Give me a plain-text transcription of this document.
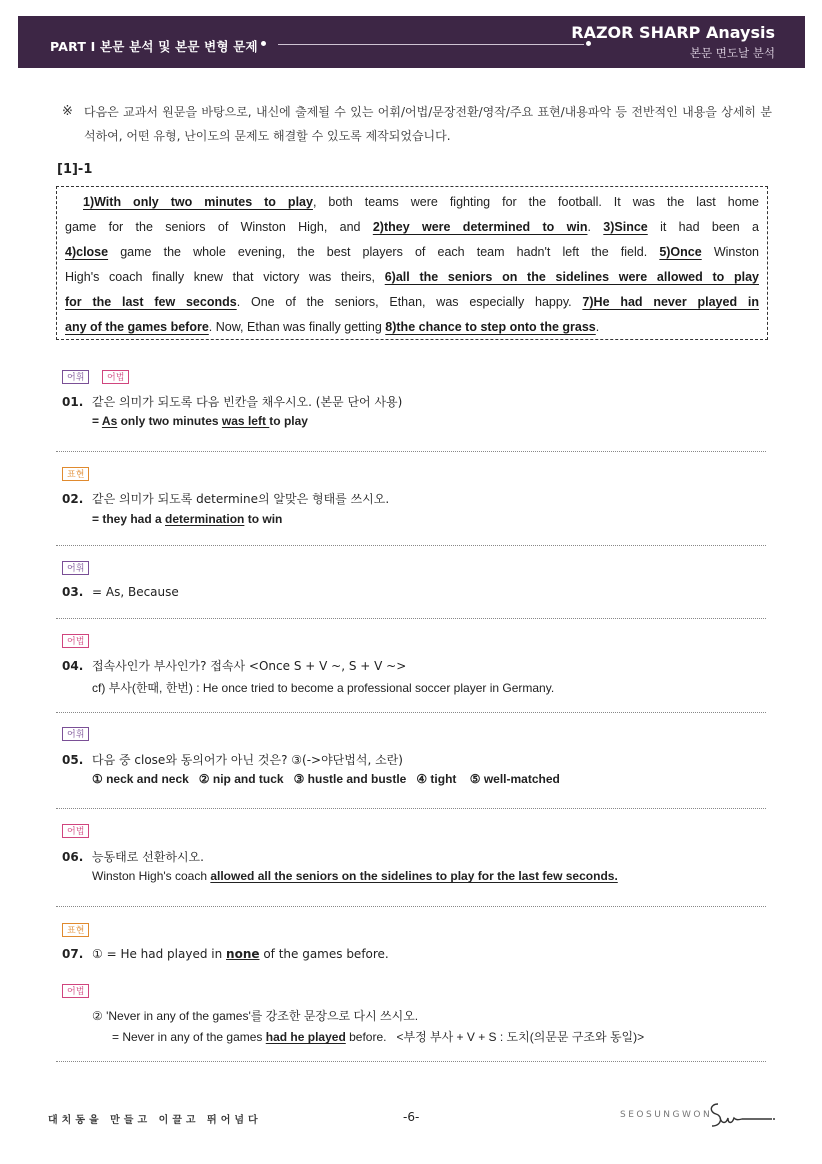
PART I 본문 분석 및 본문 변형 문제
RAZOR SHARP Anaysis
본문 면도날 분석
※ 다음은 교과서 원문을 바탕으로, 내신에 출제될 수 있는 어휘/어법/문장전환/영작/주요 표현/내용파악 등 전반적인 내용을 상세히 분석하여, 어떤 유형, 난이도의 문제도 해결할 수 있도록 제작되었습니다.
[1]-1
1)With only two minutes to play, both teams were fighting for the football. It was the last home
game for the seniors of Winston High, and 2)they were determined to win. 3)Since it had been a
4)close game the whole evening, the best players of each team hadn't left the field. 5)Once Winston
High's coach finally knew that victory was theirs, 6)all the seniors on the sidelines were allowed to play
for the last few seconds. One of the seniors, Ethan, was especially happy. 7)He had never played in
any of the games before. Now, Ethan was finally getting 8)the chance to step onto the grass.
어휘	어법
01. 같은 의미가 되도록 다음 빈칸을 채우시오. (본문 단어 사용)
= As only two minutes was left to play
표현
02. 같은 의미가 되도록 determine의 알맞은 형태를 쓰시오.
= they had a determination to win
어휘
03. = As, Because
어법
04. 접속사인가 부사인가? 접속사 <Once S + V ~, S + V ~>
cf) 부사(한때, 한번) : He once tried to become a professional soccer player in Germany.
어휘
05. 다음 중 close와 동의어가 아닌 것은? ③(->야단법석, 소란)
① neck and neck   ② nip and tuck   ③ hustle and bustle   ④ tight    ⑤ well-matched
어법
06. 능동태로 선환하시오.
Winston High's coach allowed all the seniors on the sidelines to play for the last few seconds.
표현
07. ① = He had played in none of the games before.
어법
② 'Never in any of the games'를 강조한 문장으로 다시 쓰시오.
= Never in any of the games had he played before.   <부정 부사 + V + S : 도치(의문문 구조와 동일)>
대치동을 만들고 이끌고 뛰어넘다	-6-	SEOSUNGWON
